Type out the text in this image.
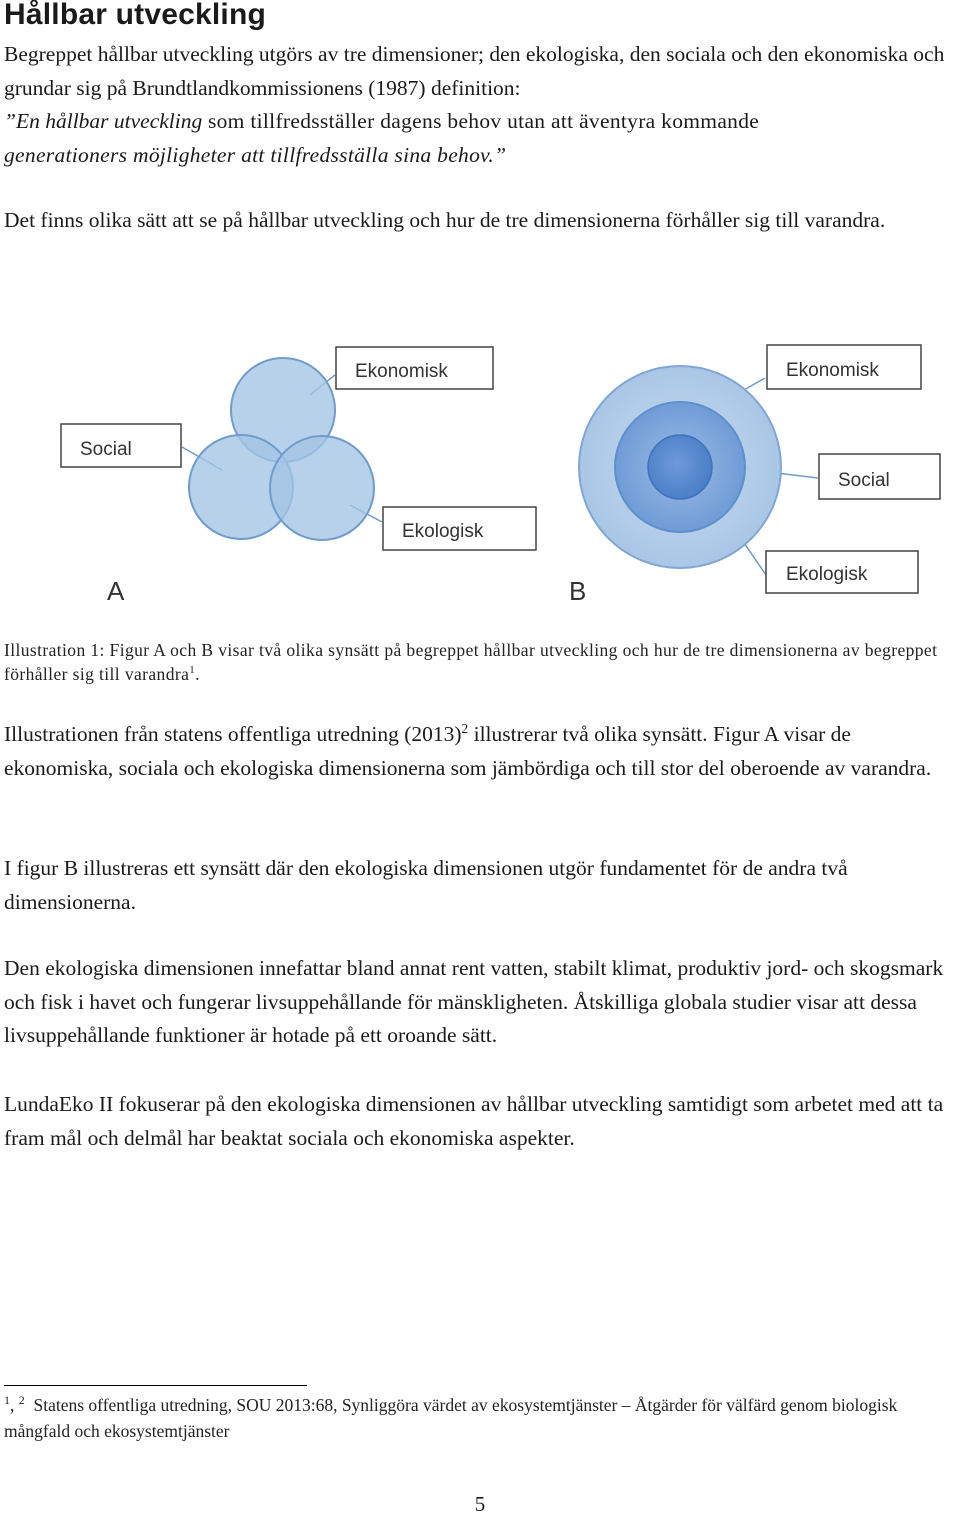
Hållbar utveckling

Begreppet hållbar utveckling utgörs av tre dimensioner; den ekologiska, den sociala och den ekonomiska och grundar sig på Brundtlandkommissionens (1987) definition:
”En hållbar utveckling som tillfredsställer dagens behov utan att äventyra kommande
generationers möjligheter att tillfredsställa sina behov.”

Det finns olika sätt att se på hållbar utveckling och hur de tre dimensionerna förhåller sig till varandra.

Ekonomisk
Social
Ekologisk
A
Ekonomisk
Social
Ekologisk
B

Illustration 1: Figur A och B visar två olika synsätt på begreppet hållbar utveckling och hur de tre dimensionerna av begreppet förhåller sig till varandra$^1$.

Illustrationen från statens offentliga utredning $(2013)^2$ illustrerar två olika synsätt. Figur A visar de ekonomiska, sociala och ekologiska dimensionerna som jämbördiga och till stor del oberoende av varandra.

I figur B illustreras ett synsätt där den ekologiska dimensionen utgör fundamentet för de andra två dimensionerna.

Den ekologiska dimensionen innefattar bland annat rent vatten, stabilt klimat, produktiv jord- och skogsmark och fisk i havet och fungerar livsuppehållande för mänskligheten. Åtskilliga globala studier visar att dessa livsuppehållande funktioner är hotade på ett oroande sätt.

LundaEko II fokuserar på den ekologiska dimensionen av hållbar utveckling samtidigt som arbetet med att ta fram mål och delmål har beaktat sociala och ekonomiska aspekter.

$^1$, $^2$ Statens offentliga utredning, SOU 2013:68, Synliggöra värdet av ekosystemtjänster – Åtgärder för välfärd genom biologisk mångfald och ekosystemtjänster

5
